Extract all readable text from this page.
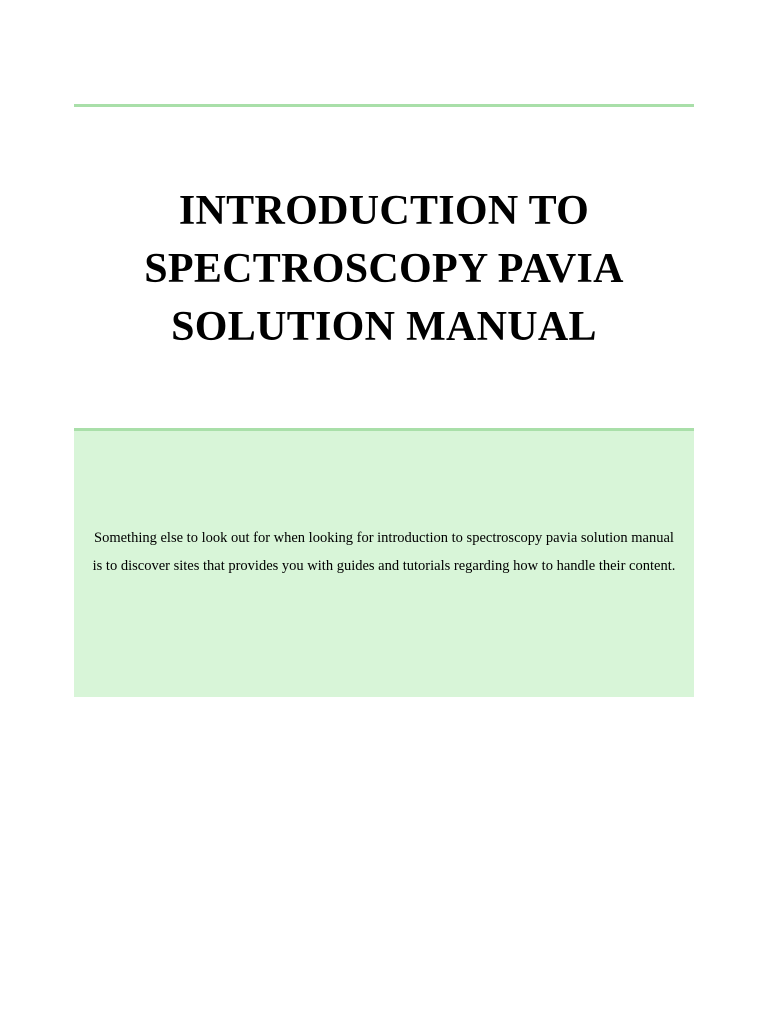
INTRODUCTION TO
SPECTROSCOPY PAVIA
SOLUTION MANUAL

Something else to look out for when looking for introduction to spectroscopy pavia solution manual is to discover sites that provides you with guides and tutorials regarding how to handle their content.
